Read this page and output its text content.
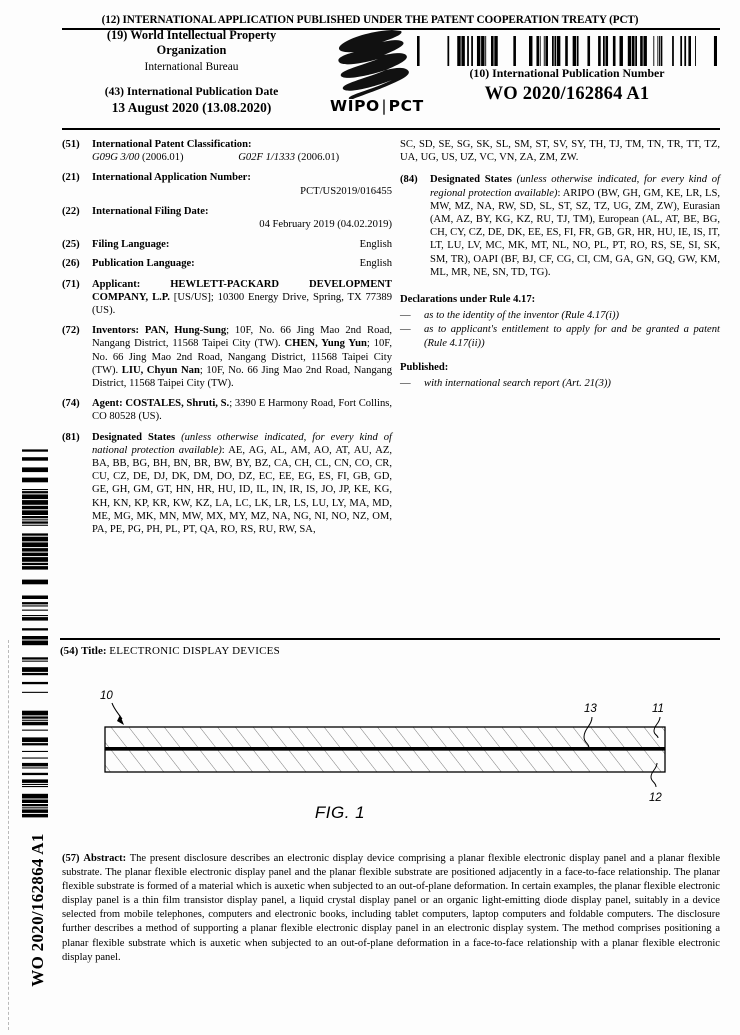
(12) INTERNATIONAL APPLICATION PUBLISHED UNDER THE PATENT COOPERATION TREATY (PCT)
(19) World Intellectual Property
Organization
International Bureau
(43) International Publication Date
13 August 2020 (13.08.2020)	WIPO|PCT
(10) International Publication Number
WO 2020/162864 A1
(51)	International Patent Classification:
G09G 3/00 (2006.01)	G02F 1/1333 (2006.01)
(21)	International Application Number:
PCT/US2019/016455
(22)	International Filing Date:
04 February 2019 (04.02.2019)
(25)	Filing Language:	English
(26)	Publication Language:	English
(71)	Applicant:	HEWLETT-PACKARD DEVELOPMENT COMPANY, L.P. [US/US]; 10300 Energy Drive, Spring, TX 77389 (US).
(72)	Inventors: PAN, Hung-Sung; 10F, No. 66 Jing Mao 2nd Road, Nangang District, 11568 Taipei City (TW). CHEN, Yung Yun; 10F, No. 66 Jing Mao 2nd Road, Nangang District, 11568 Taipei City (TW). LIU, Chyun Nan; 10F, No. 66 Jing Mao 2nd Road, Nangang District, 11568 Taipei City (TW).
(74)	Agent: COSTALES, Shruti, S.; 3390 E Harmony Road, Fort Collins, CO 80528 (US).
(81)	Designated States (unless otherwise indicated, for every kind of national protection available): AE, AG, AL, AM, AO, AT, AU, AZ, BA, BB, BG, BH, BN, BR, BW, BY, BZ, CA, CH, CL, CN, CO, CR, CU, CZ, DE, DJ, DK, DM, DO, DZ, EC, EE, EG, ES, FI, GB, GD, GE, GH, GM, GT, HN, HR, HU, ID, IL, IN, IR, IS, JO, JP, KE, KG, KH, KN, KP, KR, KW, KZ, LA, LC, LK, LR, LS, LU, LY, MA, MD, ME, MG, MK, MN, MW, MX, MY, MZ, NA, NG, NI, NO, NZ, OM, PA, PE, PG, PH, PL, PT, QA, RO, RS, RU, RW, SA,
SC, SD, SE, SG, SK, SL, SM, ST, SV, SY, TH, TJ, TM, TN, TR, TT, TZ, UA, UG, US, UZ, VC, VN, ZA, ZM, ZW.
(84)	Designated States (unless otherwise indicated, for every kind of regional protection available): ARIPO (BW, GH, GM, KE, LR, LS, MW, MZ, NA, RW, SD, SL, ST, SZ, TZ, UG, ZM, ZW), Eurasian (AM, AZ, BY, KG, KZ, RU, TJ, TM), European (AL, AT, BE, BG, CH, CY, CZ, DE, DK, EE, ES, FI, FR, GB, GR, HR, HU, IE, IS, IT, LT, LU, LV, MC, MK, MT, NL, NO, PL, PT, RO, RS, SE, SI, SK, SM, TR), OAPI (BF, BJ, CF, CG, CI, CM, GA, GN, GQ, GW, KM, ML, MR, NE, SN, TD, TG).
Declarations under Rule 4.17:
— as to the identity of the inventor (Rule 4.17(i))
— as to applicant's entitlement to apply for and be granted a patent (Rule 4.17(ii))
Published:
— with international search report (Art. 21(3))
(54) Title: ELECTRONIC DISPLAY DEVICES
10
13	11
12
FIG. 1
(57) Abstract: The present disclosure describes an electronic display device comprising a planar flexible electronic display panel and a planar flexible substrate. The planar flexible electronic display panel and the planar flexible substrate are positioned adjacently in a face-to-face relationship. The planar flexible substrate is formed of a material which is auxetic when subjected to an out-of-plane deformation. In certain examples, the planar flexible electronic display panel is a thin film transistor display panel, a liquid crystal display panel or an organic light-emitting diode display panel, suitably in a device selected from mobile telephones, computers and electronic books, including tablet computers, laptop computers and foldable computers. The disclosure further describes a method of supporting a planar flexible electronic display panel in an electronic display system. The method comprises positioning a planar flexible substrate which is auxetic when subjected to an out-of-plane deformation in a face-to-face relationship with a planar flexible electronic display panel.
WO 2020/162864 A1
